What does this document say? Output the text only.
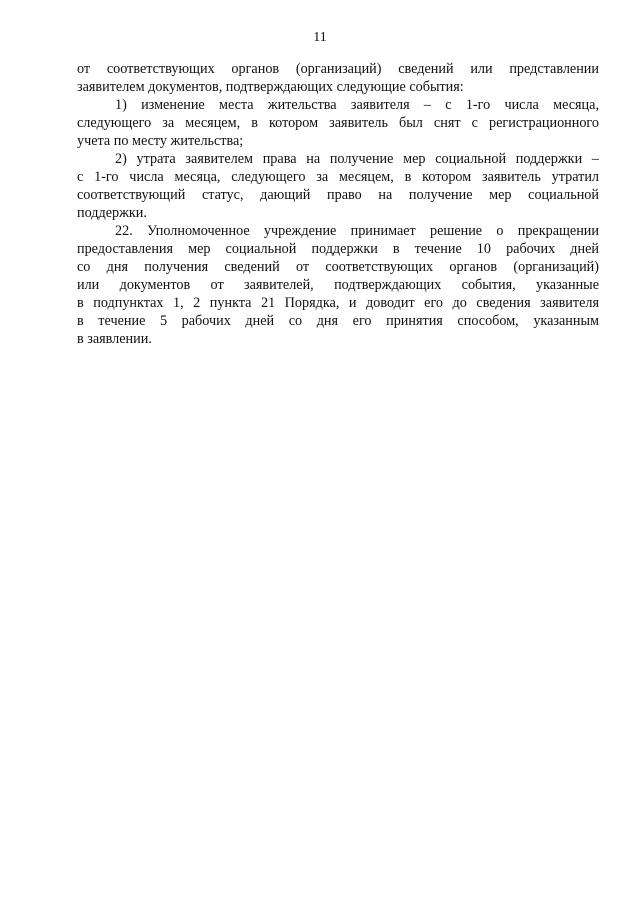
11

от соответствующих органов (организаций) сведений или представлении
заявителем документов, подтверждающих следующие события:

1) изменение места жительства заявителя – с 1-го числа месяца,
следующего за месяцем, в котором заявитель был снят с регистрационного
учета по месту жительства;

2) утрата заявителем права на получение мер социальной поддержки –
с 1-го числа месяца, следующего за месяцем, в котором заявитель утратил
соответствующий статус, дающий право на получение мер социальной
поддержки.

22. Уполномоченное учреждение принимает решение о прекращении
предоставления мер социальной поддержки в течение 10 рабочих дней
со дня получения сведений от соответствующих органов (организаций)
или документов от заявителей, подтверждающих события, указанные
в подпунктах 1, 2 пункта 21 Порядка, и доводит его до сведения заявителя
в течение 5 рабочих дней со дня его принятия способом, указанным
в заявлении.
